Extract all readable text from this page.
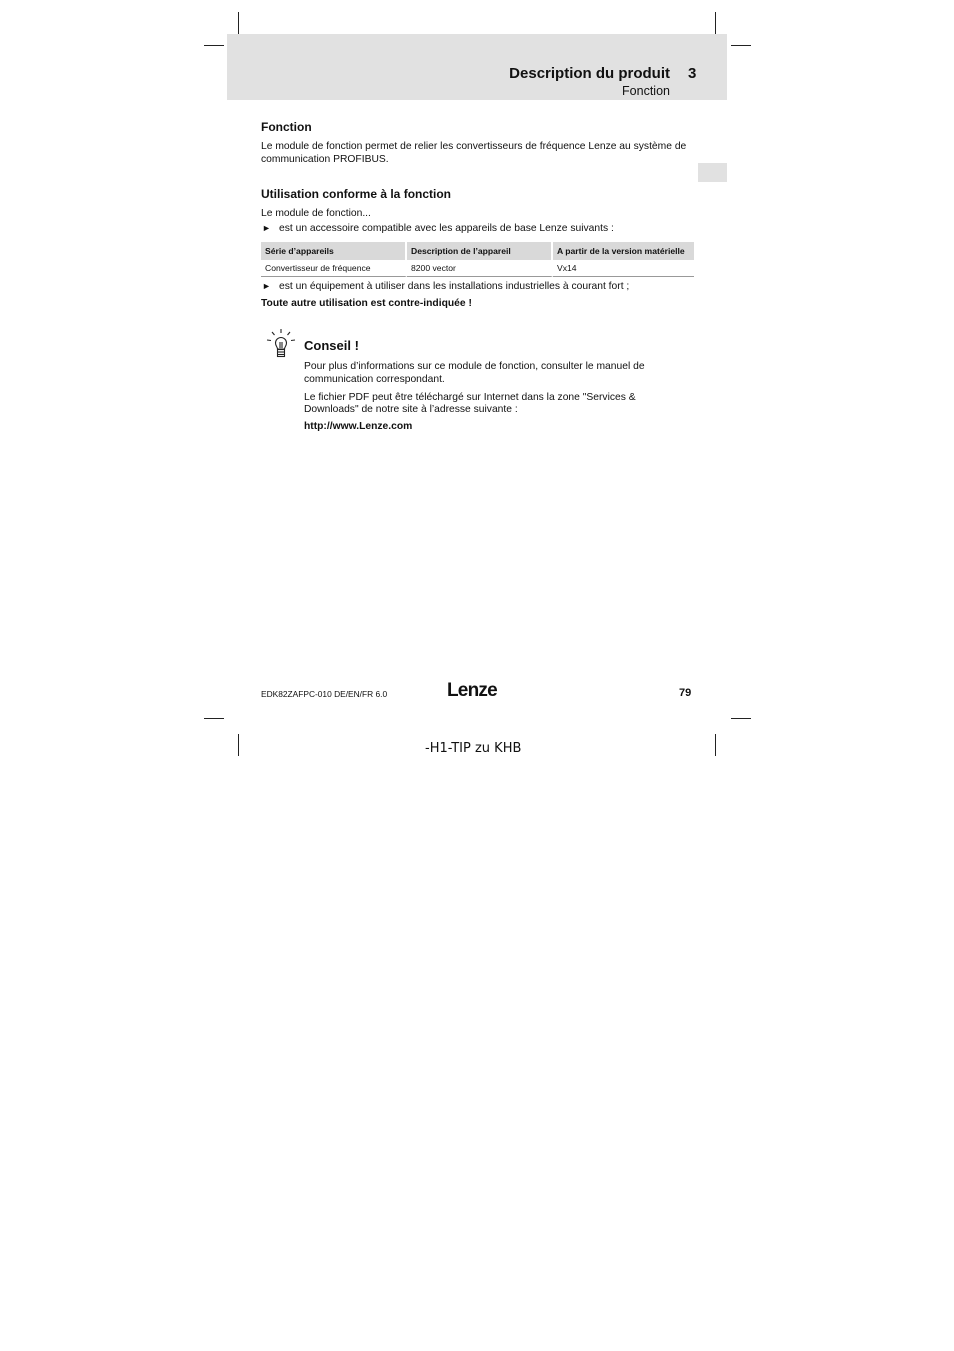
Description du produit 3
Fonction
Fonction
Le module de fonction permet de relier les convertisseurs de fréquence Lenze au système de
communication PROFIBUS.
Utilisation conforme à la fonction
Le module de fonction...
► est un accessoire compatible avec les appareils de base Lenze suivants :
Série d’appareils	Description de l’appareil	A partir de la version matérielle
Convertisseur de fréquence	8200 vector	Vx14
► est un équipement à utiliser dans les installations industrielles à courant fort ;
Toute autre utilisation est contre-indiquée !
Conseil !
Pour plus d’informations sur ce module de fonction, consulter le manuel de
communication correspondant.
Le fichier PDF peut être téléchargé sur Internet dans la zone "Services &
Downloads" de notre site à l’adresse suivante :
http://www.Lenze.com
EDK82ZAFPC-010 DE/EN/FR 6.0	Lenze	79
-H1-TIP zu KHB
